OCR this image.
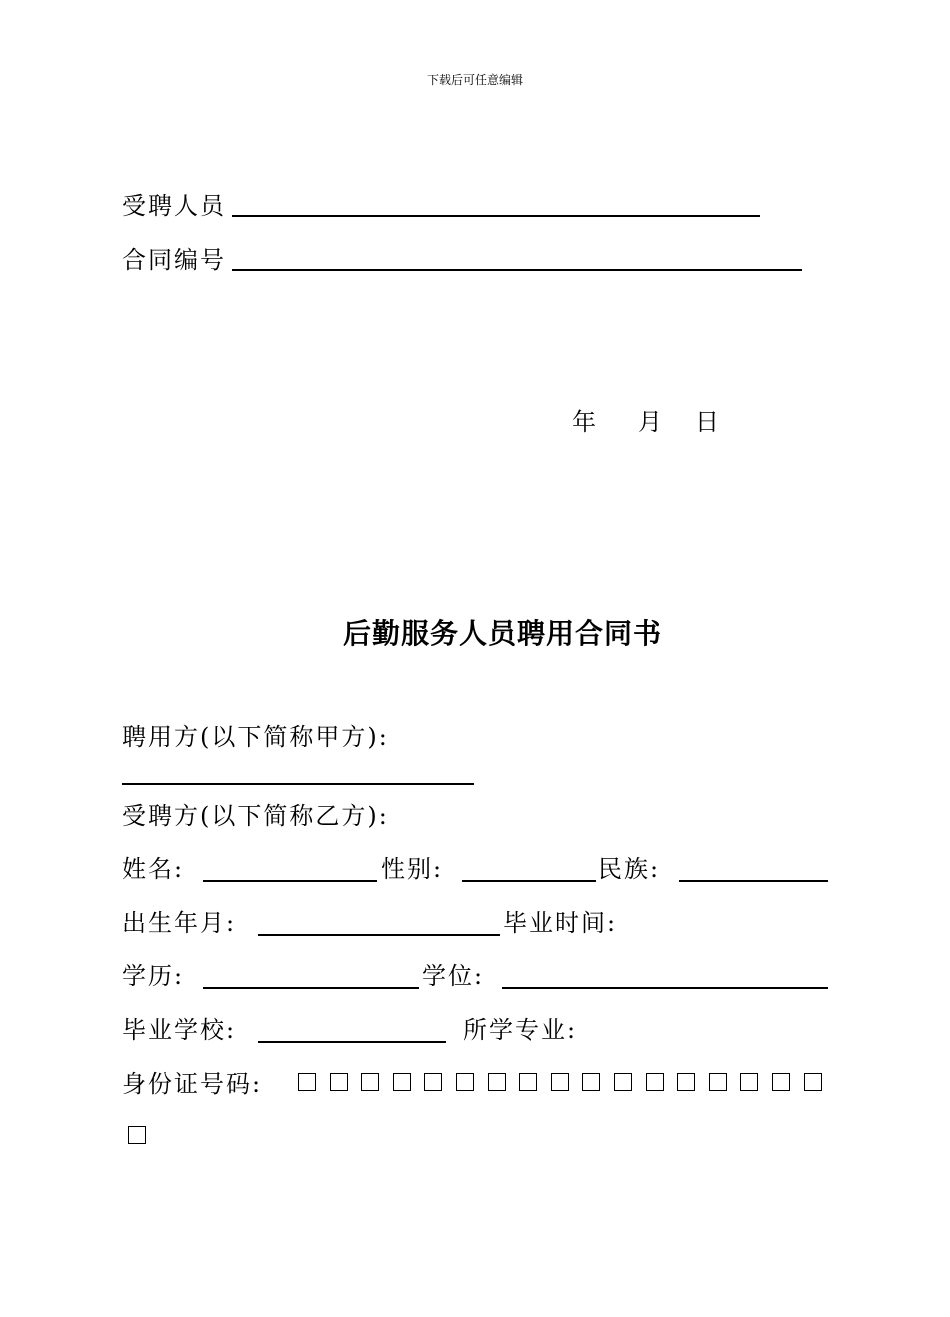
下载后可任意编辑
受聘人员
合同编号
年 月 日
后勤服务人员聘用合同书
聘用方(以下简称甲方):
受聘方(以下简称乙方):
姓名:	性别:	民族:
出生年月:	毕业时间:
学历:	学位:
毕业学校:	所学专业:
身份证号码:
